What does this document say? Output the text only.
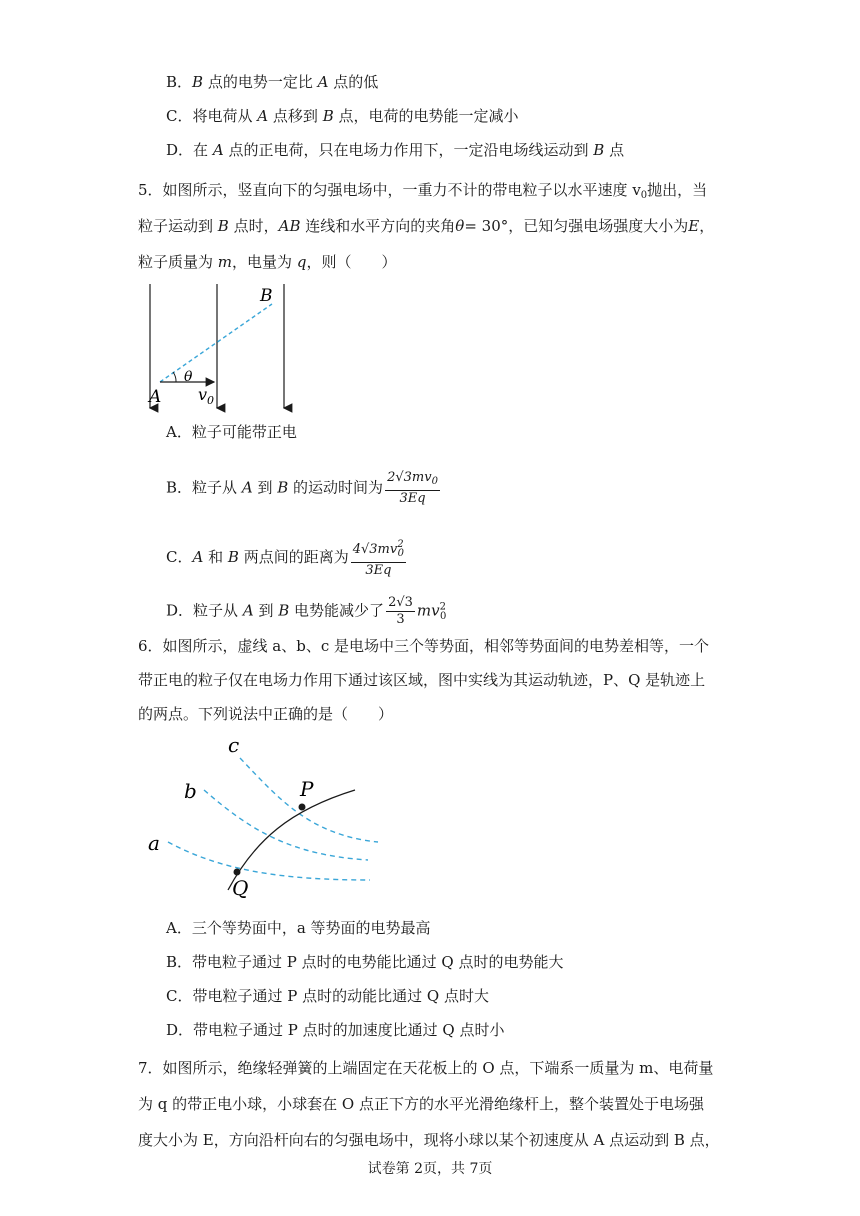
B．B 点的电势一定比 A 点的低
C．将电荷从 A 点移到 B 点，电荷的电势能一定减小
D．在 A 点的正电荷，只在电场力作用下，一定沿电场线运动到 B 点
5．如图所示，竖直向下的匀强电场中，一重力不计的带电粒子以水平速度 $v_0$抛出，当
粒子运动到 B 点时，AB 连线和水平方向的夹角θ= 30°，已知匀强电场强度大小为E，
粒子质量为 m，电量为 q，则（　　）
B
A
θ
v 0
A．粒子可能带正电
B．粒子从 A 到 B 的运动时间为 $\frac{2√3mv_0}{3Eq}$
C．A 和 B 两点间的距离为 $\frac{4√3mv^2_0}{3Eq}$
D．粒子从 A 到 B 电势能减少了 $\frac{2√3}{3} mv^2_0$
6．如图所示，虚线 a、b、c 是电场中三个等势面，相邻等势面间的电势差相等，一个
带正电的粒子仅在电场力作用下通过该区域，图中实线为其运动轨迹，P、Q 是轨迹上
的两点。下列说法中正确的是（　　）
c
b
a
P
Q
A．三个等势面中，a 等势面的电势最高
B．带电粒子通过 P 点时的电势能比通过 Q 点时的电势能大
C．带电粒子通过 P 点时的动能比通过 Q 点时大
D．带电粒子通过 P 点时的加速度比通过 Q 点时小
7．如图所示，绝缘轻弹簧的上端固定在天花板上的 O 点，下端系一质量为 m、电荷量
为 q 的带正电小球，小球套在 O 点正下方的水平光滑绝缘杆上，整个装置处于电场强
度大小为 E，方向沿杆向右的匀强电场中，现将小球以某个初速度从 A 点运动到 B 点，
试卷第 2页，共 7页
